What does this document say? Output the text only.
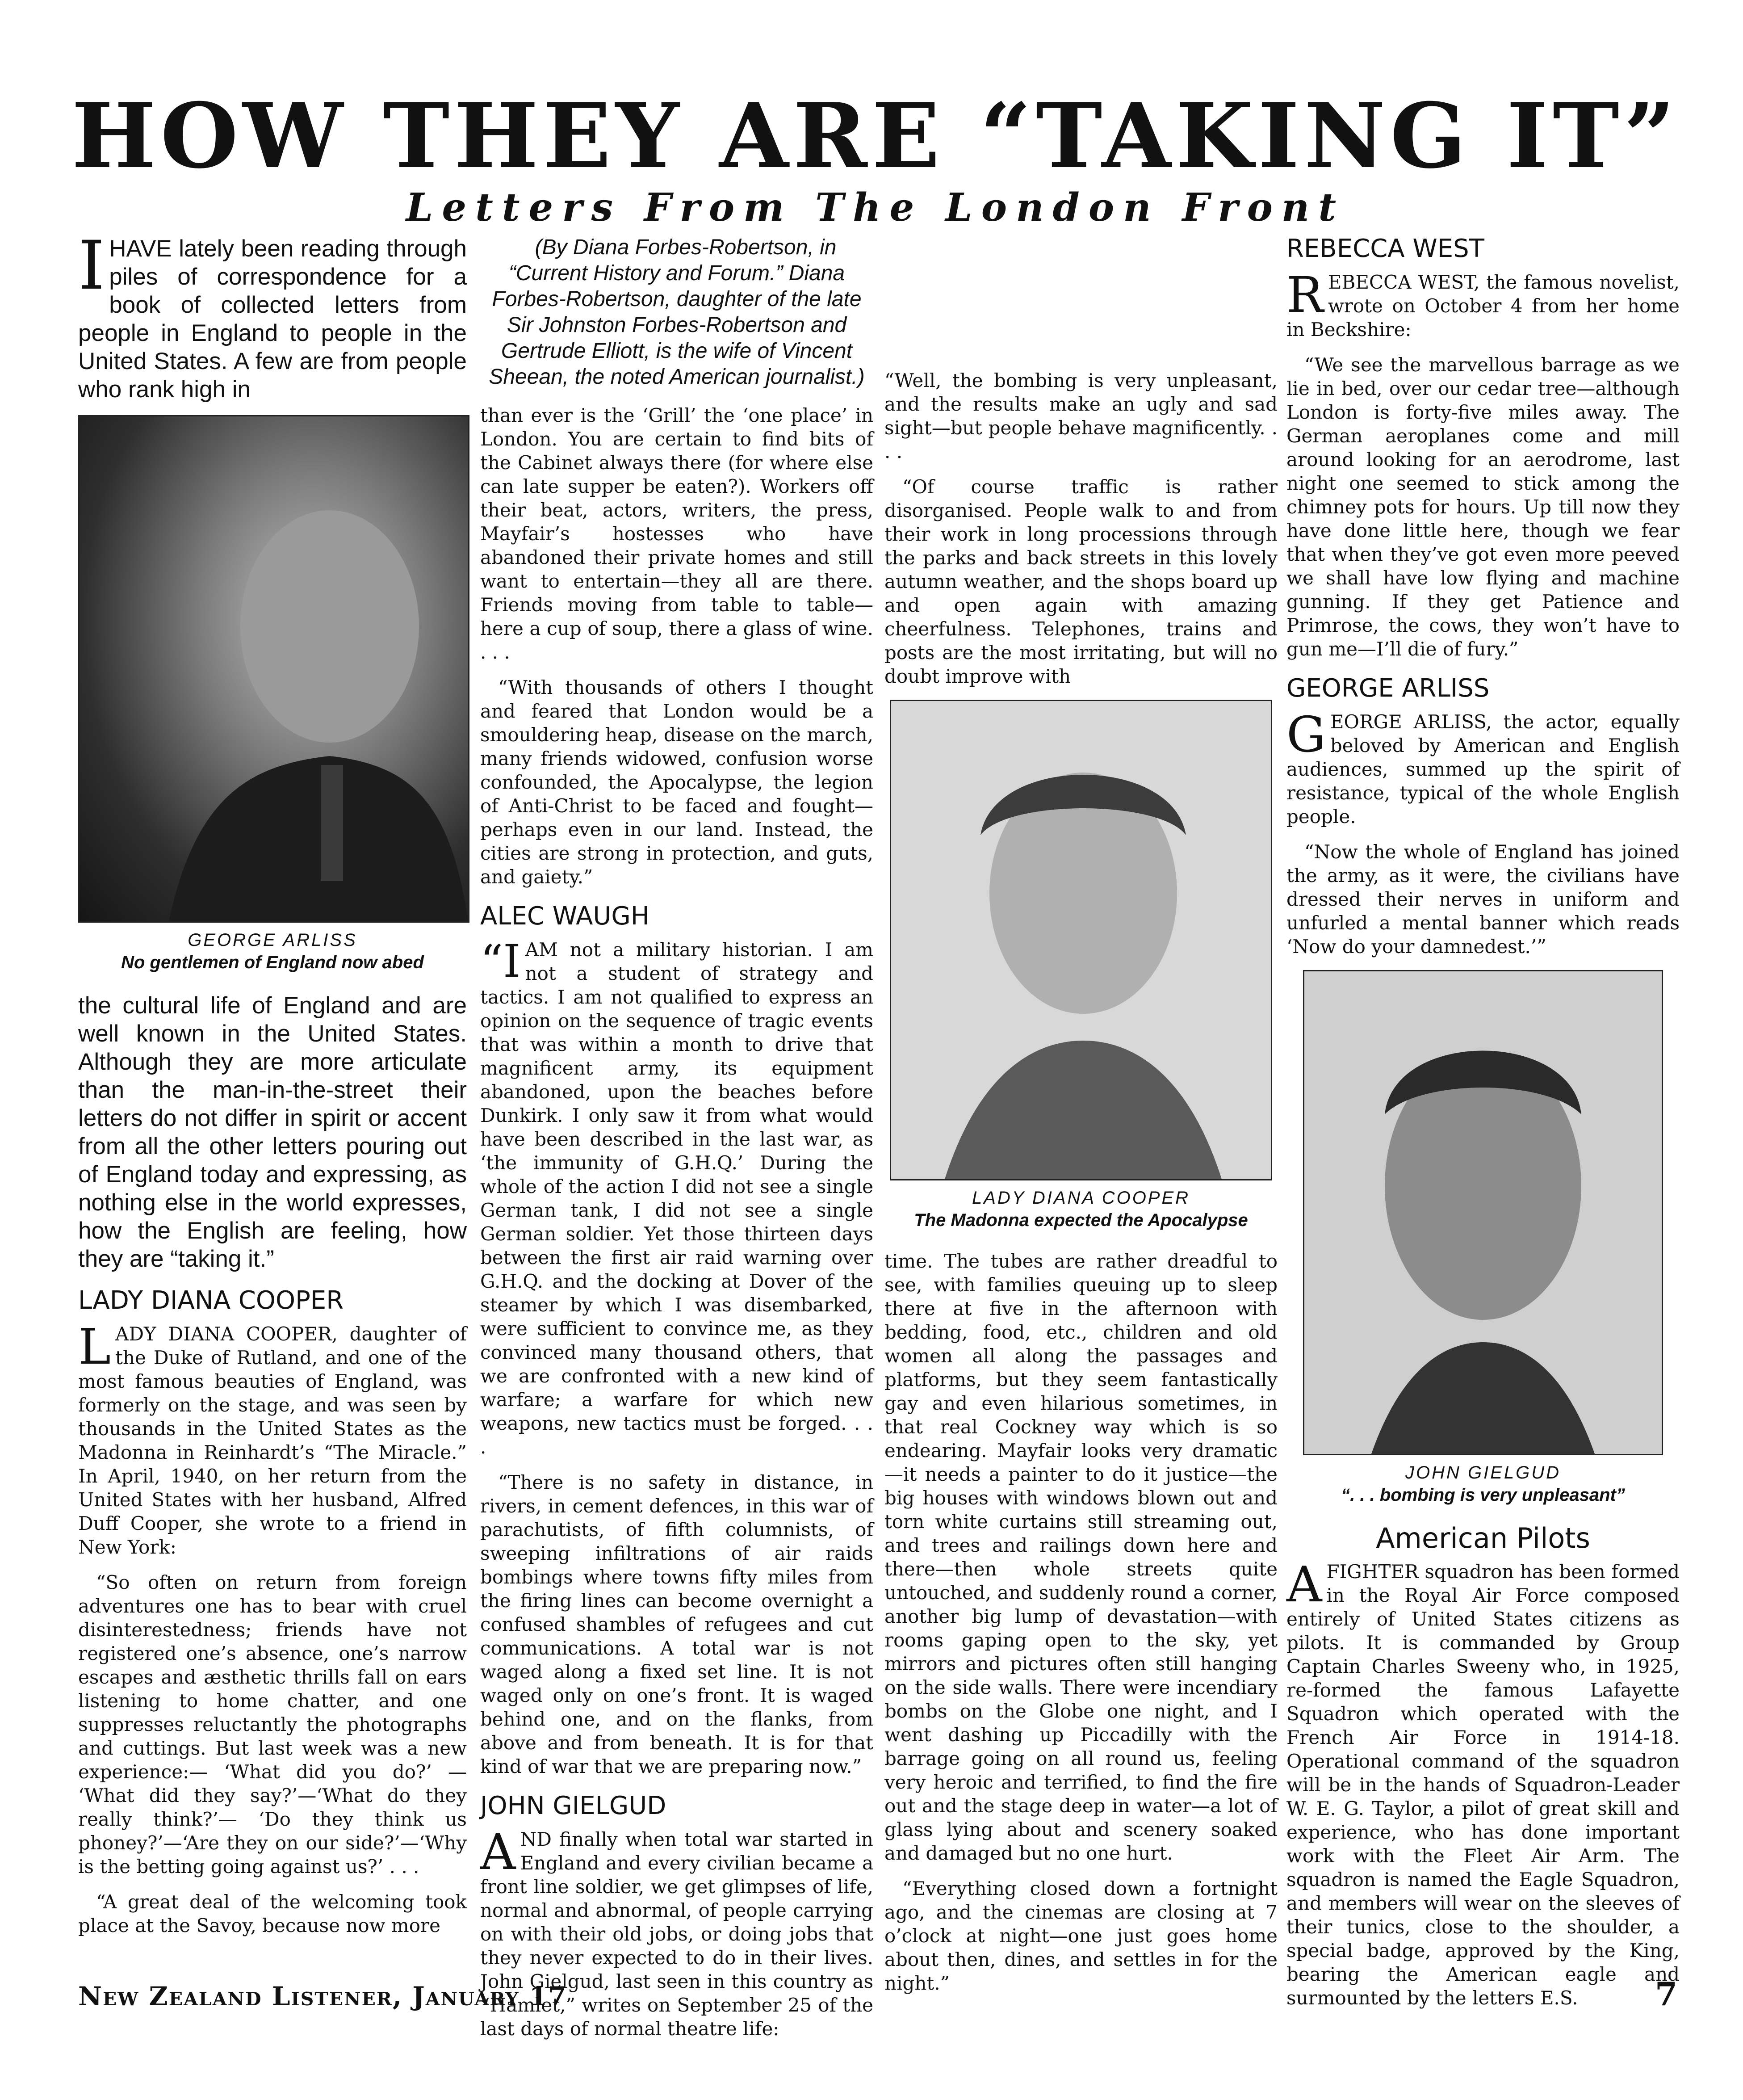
HOW THEY ARE “TAKING IT”
Letters From The London Front

IHAVE lately been reading through piles of correspondence for a book of collected letters from people in England to people in the United States. A few are from people who rank high in

GEORGE ARLISS
No gentlemen of England now abed

the cultural life of England and are well known in the United States. Although they are more articulate than the man-in-the-street their letters do not differ in spirit or accent from all the other letters pouring out of England today and expressing, as nothing else in the world expresses, how the English are feeling, how they are “taking it.”

LADY DIANA COOPER

LADY DIANA COOPER, daughter of the Duke of Rutland, and one of the most famous beauties of England, was formerly on the stage, and was seen by thousands in the United States as the Madonna in Reinhardt’s “The Miracle.” In April, 1940, on her return from the United States with her husband, Alfred Duff Cooper, she wrote to a friend in New York:

“So often on return from foreign adventures one has to bear with cruel disinterestedness; friends have not registered one’s absence, one’s narrow escapes and æsthetic thrills fall on ears listening to home chatter, and one suppresses reluctantly the photographs and cuttings. But last week was a new experience:— ‘What did you do?’ — ‘What did they say?’—‘What do they really think?’— ‘Do they think us phoney?’—‘Are they on our side?’—‘Why is the betting going against us?’ . . .

“A great deal of the welcoming took place at the Savoy, because now more

(By Diana Forbes-Robertson, in “Current History and Forum.” Diana Forbes-Robertson, daughter of the late Sir Johnston Forbes-Robertson and Gertrude Elliott, is the wife of Vincent Sheean, the noted American journalist.)

than ever is the ‘Grill’ the ‘one place’ in London. You are certain to find bits of the Cabinet always there (for where else can late supper be eaten?). Workers off their beat, actors, writers, the press, Mayfair’s hostesses who have abandoned their private homes and still want to entertain—they all are there. Friends moving from table to table—here a cup of soup, there a glass of wine. . . .

“With thousands of others I thought and feared that London would be a smouldering heap, disease on the march, many friends widowed, confusion worse confounded, the Apocalypse, the legion of Anti-Christ to be faced and fought—perhaps even in our land. Instead, the cities are strong in protection, and guts, and gaiety.”

ALEC WAUGH

“IAM not a military historian. I am not a student of strategy and tactics. I am not qualified to express an opinion on the sequence of tragic events that was within a month to drive that magnificent army, its equipment abandoned, upon the beaches before Dunkirk. I only saw it from what would have been described in the last war, as ‘the immunity of G.H.Q.’ During the whole of the action I did not see a single German tank, I did not see a single German soldier. Yet those thirteen days between the first air raid warning over G.H.Q. and the docking at Dover of the steamer by which I was disembarked, were sufficient to convince me, as they convinced many thousand others, that we are confronted with a new kind of warfare; a warfare for which new weapons, new tactics must be forged. . . .

“There is no safety in distance, in rivers, in cement defences, in this war of parachutists, of fifth columnists, of sweeping infiltrations of air raids bombings where towns fifty miles from the firing lines can become overnight a confused shambles of refugees and cut communications. A total war is not waged along a fixed set line. It is not waged only on one’s front. It is waged behind one, and on the flanks, from above and from beneath. It is for that kind of war that we are preparing now.”

JOHN GIELGUD

AND finally when total war started in England and every civilian became a front line soldier, we get glimpses of life, normal and abnormal, of people carrying on with their old jobs, or doing jobs that they never expected to do in their lives. John Gielgud, last seen in this country as “Hamlet,” writes on September 25 of the last days of normal theatre life:

“Well, the bombing is very unpleasant, and the results make an ugly and sad sight—but people behave magnificently. . . .

“Of course traffic is rather disorganised. People walk to and from their work in long processions through the parks and back streets in this lovely autumn weather, and the shops board up and open again with amazing cheerfulness. Telephones, trains and posts are the most irritating, but will no doubt improve with

LADY DIANA COOPER
The Madonna expected the Apocalypse

time. The tubes are rather dreadful to see, with families queuing up to sleep there at five in the afternoon with bedding, food, etc., children and old women all along the passages and platforms, but they seem fantastically gay and even hilarious sometimes, in that real Cockney way which is so endearing. Mayfair looks very dramatic—it needs a painter to do it justice—the big houses with windows blown out and torn white curtains still streaming out, and trees and railings down here and there—then whole streets quite untouched, and suddenly round a corner, another big lump of devastation—with rooms gaping open to the sky, yet mirrors and pictures often still hanging on the side walls. There were incendiary bombs on the Globe one night, and I went dashing up Piccadilly with the barrage going on all round us, feeling very heroic and terrified, to find the fire out and the stage deep in water—a lot of glass lying about and scenery soaked and damaged but no one hurt.

“Everything closed down a fortnight ago, and the cinemas are closing at 7 o’clock at night—one just goes home about then, dines, and settles in for the night.”

REBECCA WEST

REBECCA WEST, the famous novelist, wrote on October 4 from her home in Beckshire:

“We see the marvellous barrage as we lie in bed, over our cedar tree—although London is forty-five miles away. The German aeroplanes come and mill around looking for an aerodrome, last night one seemed to stick among the chimney pots for hours. Up till now they have done little here, though we fear that when they’ve got even more peeved we shall have low flying and machine gunning. If they get Patience and Primrose, the cows, they won’t have to gun me—I’ll die of fury.”

GEORGE ARLISS

GEORGE ARLISS, the actor, equally beloved by American and English audiences, summed up the spirit of resistance, typical of the whole English people.

“Now the whole of England has joined the army, as it were, the civilians have dressed their nerves in uniform and unfurled a mental banner which reads ‘Now do your damnedest.’”

JOHN GIELGUD
“. . . bombing is very unpleasant”
American Pilots

AFIGHTER squadron has been formed in the Royal Air Force composed entirely of United States citizens as pilots. It is commanded by Group Captain Charles Sweeny who, in 1925, re-formed the famous Lafayette Squadron which operated with the French Air Force in 1914-18. Operational command of the squadron will be in the hands of Squadron-Leader W. E. G. Taylor, a pilot of great skill and experience, who has done important work with the Fleet Air Arm. The squadron is named the Eagle Squadron, and members will wear on the sleeves of their tunics, close to the shoulder, a special badge, approved by the King, bearing the American eagle and surmounted by the letters E.S.

New Zealand Listener, January 17	7
